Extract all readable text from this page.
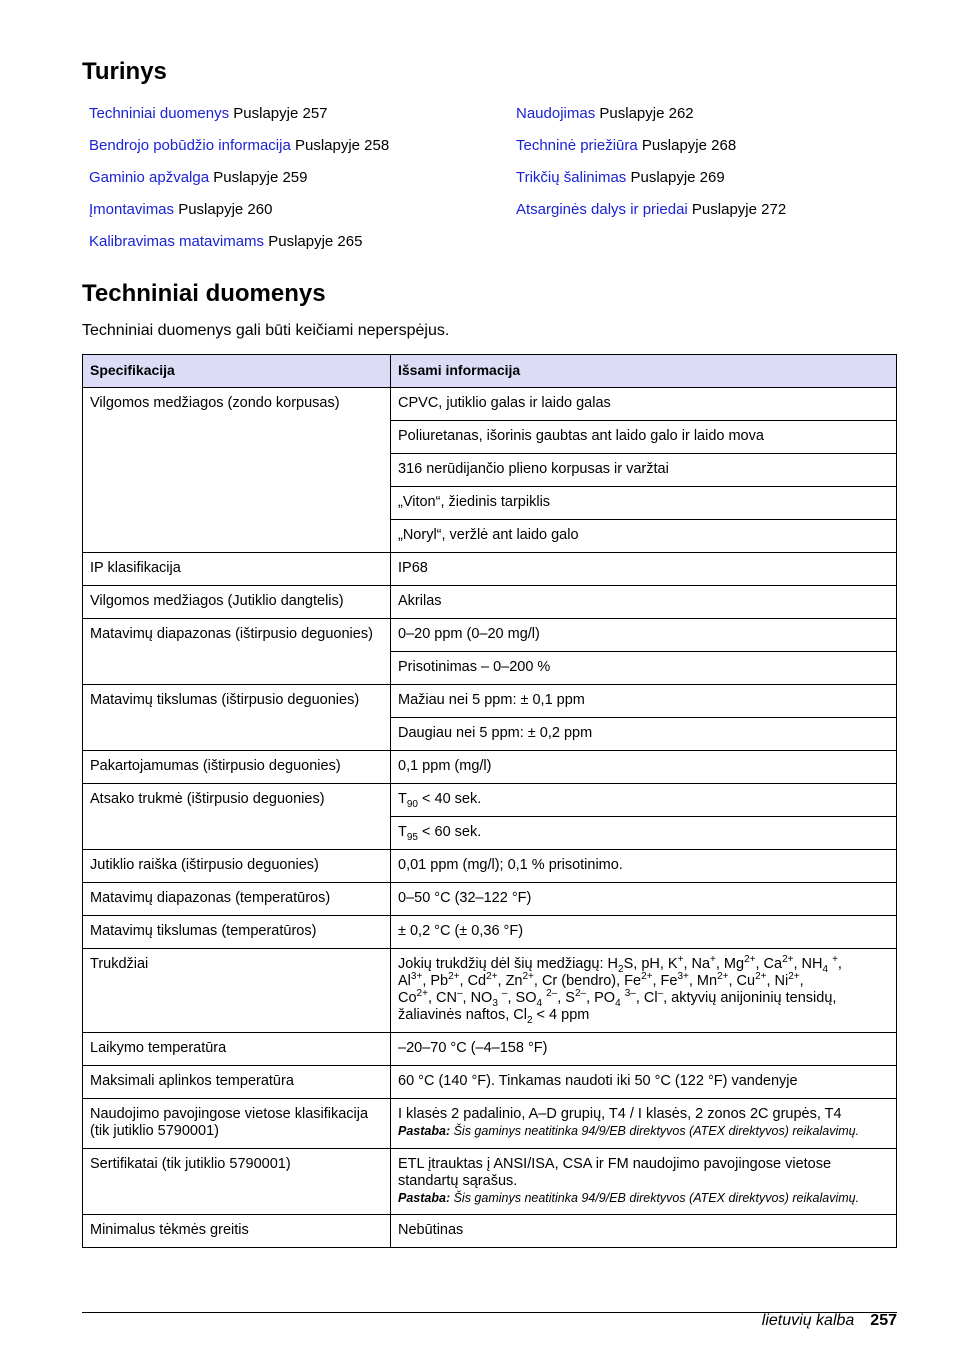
Turinys
Techniniai duomenys Puslapyje 257
Bendrojo pobūdžio informacija Puslapyje 258
Gaminio apžvalga Puslapyje 259
Įmontavimas Puslapyje 260
Kalibravimas matavimams Puslapyje 265
Naudojimas Puslapyje 262
Techninė priežiūra Puslapyje 268
Trikčių šalinimas Puslapyje 269
Atsarginės dalys ir priedai Puslapyje 272
Techniniai duomenys

Techniniai duomenys gali būti keičiami neperspėjus.

Specifikacija	Išsami informacija
Vilgomos medžiagos (zondo korpusas)	CPVC, jutiklio galas ir laido galas
	Poliuretanas, išorinis gaubtas ant laido galo ir laido mova
	316 nerūdijančio plieno korpusas ir varžtai
	„Viton“, žiedinis tarpiklis
	„Noryl“, veržlė ant laido galo
IP klasifikacija	IP68
Vilgomos medžiagos (Jutiklio dangtelis)	Akrilas
Matavimų diapazonas (ištirpusio deguonies)	0–20 ppm (0–20 mg/l)
	Prisotinimas – 0–200 %
Matavimų tikslumas (ištirpusio deguonies)	Mažiau nei 5 ppm: ± 0,1 ppm
	Daugiau nei 5 ppm: ± 0,2 ppm
Pakartojamumas (ištirpusio deguonies)	0,1 ppm (mg/l)
Atsako trukmė (ištirpusio deguonies)	$T_{90} < 40$ sek.
	$T_{95} < 60$ sek.
Jutiklio raiška (ištirpusio deguonies)	0,01 ppm (mg/l); 0,1 % prisotinimo.
Matavimų diapazonas (temperatūros)	0–50 °C (32–122 °F)
Matavimų tikslumas (temperatūros)	± 0,2 °C (± 0,36 °F)
Trukdžiai	Jokių trukdžių dėl šių medžiagų: $H_2S$, pH, K+, Na+, $Mg^{2+}$, $Ca^{2+}$, $NH_4$ +,
$Al^{3+}$, $Pb^{2+}$, $Cd^{2+}$, $Zn^{2+}$, Cr (bendro), $Fe^{2+}$, $Fe^{3+}$, $Mn^{2+}$, $Cu^{2+}$, $Ni^{2+}$,
$Co^{2+}$, CN–, $NO_3$ –, $SO_4$ $^{2-}$, $S^{2-}$, $PO_4$ $^{3-}$, Cl–, aktyvių anijoninių tensidų,
žaliavinės naftos, $Cl_2 < 4$ ppm

Laikymo temperatūra	–20–70 °C (–4–158 °F)
Maksimali aplinkos temperatūra	60 °C (140 °F). Tinkamas naudoti iki 50 °C (122 °F) vandenyje
Naudojimo pavojingose vietose klasifikacija (tik jutiklio 5790001)	I klasės 2 padalinio, A–D grupių, T4 / I klasės, 2 zonos 2C grupės, T4
Pastaba: Šis gaminys neatitinka 94/9/EB direktyvos (ATEX direktyvos) reikalavimų.

Sertifikatai (tik jutiklio 5790001)	ETL įtrauktas į ANSI/ISA, CSA ir FM naudojimo pavojingose vietose standartų sąrašus.
Pastaba: Šis gaminys neatitinka 94/9/EB direktyvos (ATEX direktyvos) reikalavimų.

Minimalus tėkmės greitis	Nebūtinas
lietuvių kalba 257
